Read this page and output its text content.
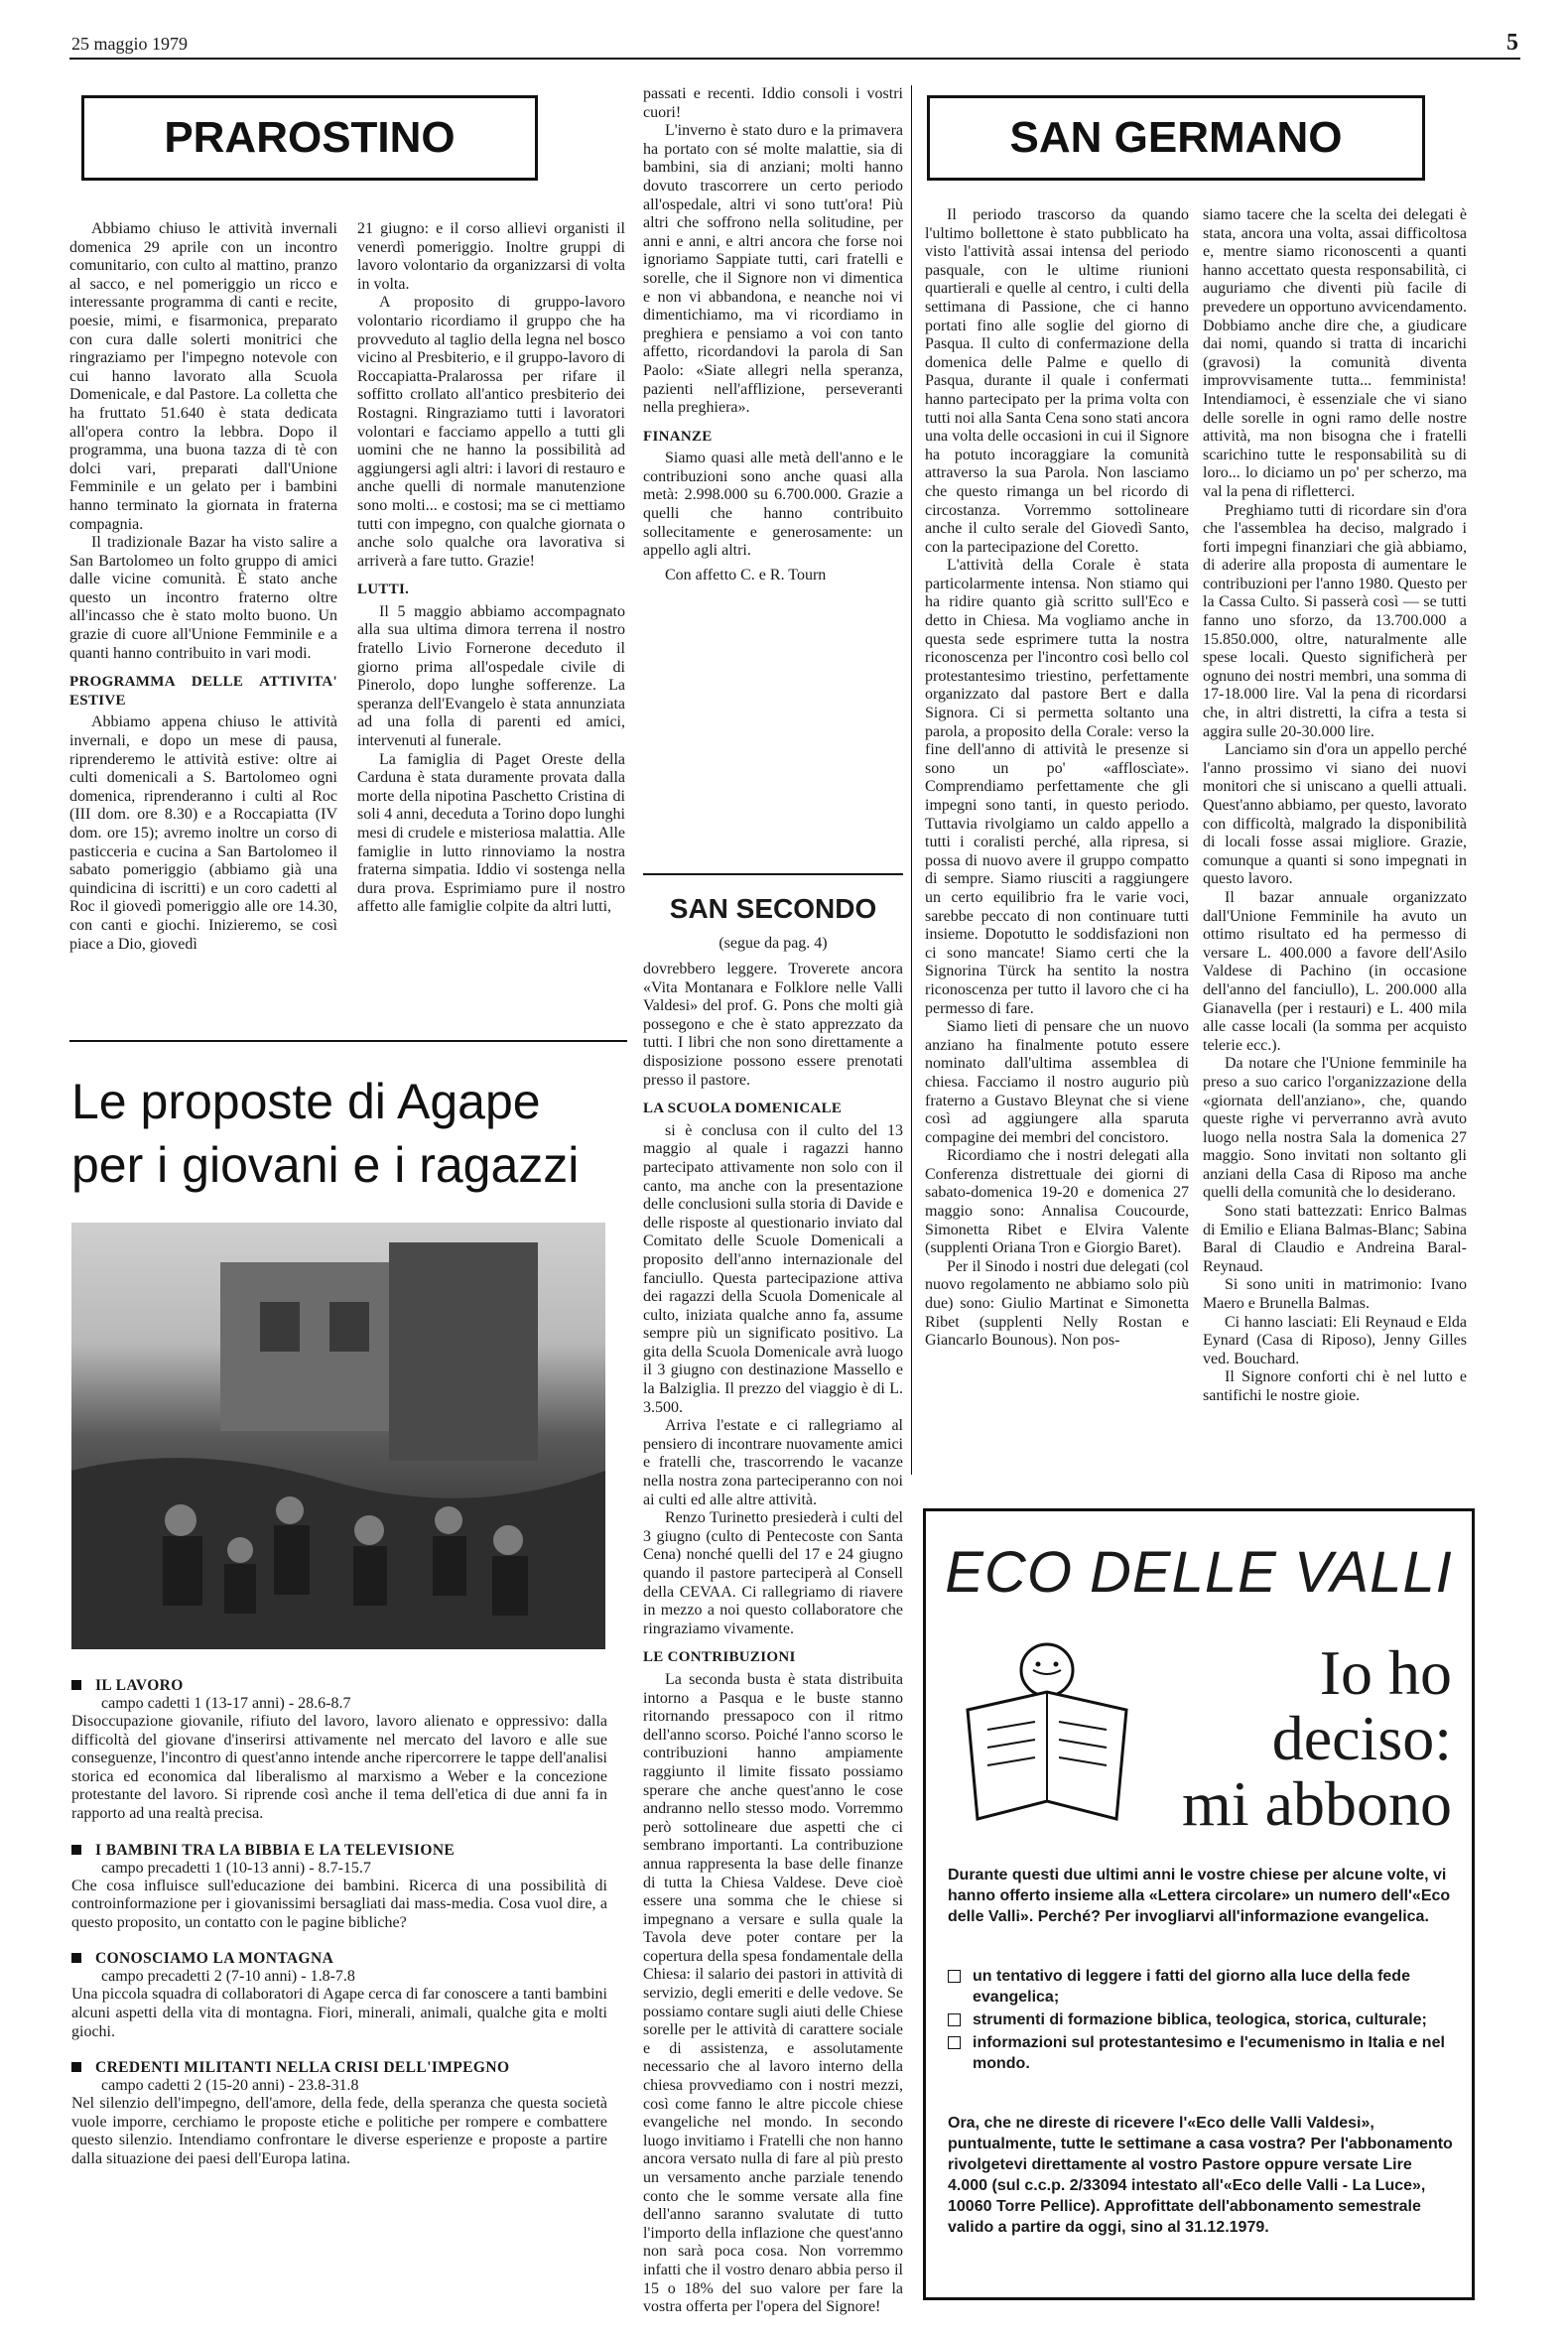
25 maggio 1979	5
PRAROSTINO

Abbiamo chiuso le attività invernali domenica 29 aprile con un incontro comunitario, con culto al mattino, pranzo al sacco, e nel pomeriggio un ricco e interessante programma di canti e recite, poesie, mimi, e fisarmonica, preparato con cura dalle solerti monitrici che ringraziamo per l'impegno notevole con cui hanno lavorato alla Scuola Domenicale, e dal Pastore. La colletta che ha fruttato 51.640 è stata dedicata all'opera contro la lebbra. Dopo il programma, una buona tazza di tè con dolci vari, preparati dall'Unione Femminile e un gelato per i bambini hanno terminato la giornata in fraterna compagnia.

Il tradizionale Bazar ha visto salire a San Bartolomeo un folto gruppo di amici dalle vicine comunità. È stato anche questo un incontro fraterno oltre all'incasso che è stato molto buono. Un grazie di cuore all'Unione Femminile e a quanti hanno contribuito in vari modi.

PROGRAMMA DELLE ATTIVITA' ESTIVE

Abbiamo appena chiuso le attività invernali, e dopo un mese di pausa, riprenderemo le attività estive: oltre ai culti domenicali a S. Bartolomeo ogni domenica, riprenderanno i culti al Roc (III dom. ore 8.30) e a Roccapiatta (IV dom. ore 15); avremo inoltre un corso di pasticceria e cucina a San Bartolomeo il sabato pomeriggio (abbiamo già una quindicina di iscritti) e un coro cadetti al Roc il giovedì pomeriggio alle ore 14.30, con canti e giochi. Inizieremo, se così piace a Dio, giovedì

21 giugno: e il corso allievi organisti il venerdì pomeriggio. Inoltre gruppi di lavoro volontario da organizzarsi di volta in volta.

A proposito di gruppo-lavoro volontario ricordiamo il gruppo che ha provveduto al taglio della legna nel bosco vicino al Presbiterio, e il gruppo-lavoro di Roccapiatta-Pralarossa per rifare il soffitto crollato all'antico presbiterio dei Rostagni. Ringraziamo tutti i lavoratori volontari e facciamo appello a tutti gli uomini che ne hanno la possibilità ad aggiungersi agli altri: i lavori di restauro e anche quelli di normale manutenzione sono molti... e costosi; ma se ci mettiamo tutti con impegno, con qualche giornata o anche solo qualche ora lavorativa si arriverà a fare tutto. Grazie!

LUTTI.

Il 5 maggio abbiamo accompagnato alla sua ultima dimora terrena il nostro fratello Livio Fornerone deceduto il giorno prima all'ospedale civile di Pinerolo, dopo lunghe sofferenze. La speranza dell'Evangelo è stata annunziata ad una folla di parenti ed amici, intervenuti al funerale.

La famiglia di Paget Oreste della Carduna è stata duramente provata dalla morte della nipotina Paschetto Cristina di soli 4 anni, deceduta a Torino dopo lunghi mesi di crudele e misteriosa malattia. Alle famiglie in lutto rinnoviamo la nostra fraterna simpatia. Iddio vi sostenga nella dura prova. Esprimiamo pure il nostro affetto alle famiglie colpite da altri lutti,

passati e recenti. Iddio consoli i vostri cuori!

L'inverno è stato duro e la primavera ha portato con sé molte malattie, sia di bambini, sia di anziani; molti hanno dovuto trascorrere un certo periodo all'ospedale, altri vi sono tutt'ora! Più altri che soffrono nella solitudine, per anni e anni, e altri ancora che forse noi ignoriamo Sappiate tutti, cari fratelli e sorelle, che il Signore non vi dimentica e non vi abbandona, e neanche noi vi dimentichiamo, ma vi ricordiamo in preghiera e pensiamo a voi con tanto affetto, ricordandovi la parola di San Paolo: «Siate allegri nella speranza, pazienti nell'afflizione, perseveranti nella preghiera».

FINANZE

Siamo quasi alle metà dell'anno e le contribuzioni sono anche quasi alla metà: 2.998.000 su 6.700.000. Grazie a quelli che hanno contribuito sollecitamente e generosamente: un appello agli altri.

Con affetto C. e R. Tourn

SAN SECONDO
(segue da pag. 4)

dovrebbero leggere. Troverete ancora «Vita Montanara e Folklore nelle Valli Valdesi» del prof. G. Pons che molti già possegono e che è stato apprezzato da tutti. I libri che non sono direttamente a disposizione possono essere prenotati presso il pastore.

LA SCUOLA DOMENICALE

si è conclusa con il culto del 13 maggio al quale i ragazzi hanno partecipato attivamente non solo con il canto, ma anche con la presentazione delle conclusioni sulla storia di Davide e delle risposte al questionario inviato dal Comitato delle Scuole Domenicali a proposito dell'anno internazionale del fanciullo. Questa partecipazione attiva dei ragazzi della Scuola Domenicale al culto, iniziata qualche anno fa, assume sempre più un significato positivo. La gita della Scuola Domenicale avrà luogo il 3 giugno con destinazione Massello e la Balziglia. Il prezzo del viaggio è di L. 3.500.

Arriva l'estate e ci rallegriamo al pensiero di incontrare nuovamente amici e fratelli che, trascorrendo le vacanze nella nostra zona parteciperanno con noi ai culti ed alle altre attività.

Renzo Turinetto presiederà i culti del 3 giugno (culto di Pentecoste con Santa Cena) nonché quelli del 17 e 24 giugno quando il pastore parteciperà al Consell della CEVAA. Ci rallegriamo di riavere in mezzo a noi questo collaboratore che ringraziamo vivamente.

LE CONTRIBUZIONI

La seconda busta è stata distribuita intorno a Pasqua e le buste stanno ritornando pressapoco con il ritmo dell'anno scorso. Poiché l'anno scorso le contribuzioni hanno ampiamente raggiunto il limite fissato possiamo sperare che anche quest'anno le cose andranno nello stesso modo. Vorremmo però sottolineare due aspetti che ci sembrano importanti. La contribuzione annua rappresenta la base delle finanze di tutta la Chiesa Valdese. Deve cioè essere una somma che le chiese si impegnano a versare e sulla quale la Tavola deve poter contare per la copertura della spesa fondamentale della Chiesa: il salario dei pastori in attività di servizio, degli emeriti e delle vedove. Se possiamo contare sugli aiuti delle Chiese sorelle per le attività di carattere sociale e di assistenza, e assolutamente necessario che al lavoro interno della chiesa provvediamo con i nostri mezzi, così come fanno le altre piccole chiese evangeliche nel mondo. In secondo luogo invitiamo i Fratelli che non hanno ancora versato nulla di fare al più presto un versamento anche parziale tenendo conto che le somme versate alla fine dell'anno saranno svalutate di tutto l'importo della inflazione che quest'anno non sarà poca cosa. Non vorremmo infatti che il vostro denaro abbia perso il 15 o 18% del suo valore per fare la vostra offerta per l'opera del Signore!

SAN GERMANO

Il periodo trascorso da quando l'ultimo bollettone è stato pubblicato ha visto l'attività assai intensa del periodo pasquale, con le ultime riunioni quartierali e quelle al centro, i culti della settimana di Passione, che ci hanno portati fino alle soglie del giorno di Pasqua. Il culto di confermazione della domenica delle Palme e quello di Pasqua, durante il quale i confermati hanno partecipato per la prima volta con tutti noi alla Santa Cena sono stati ancora una volta delle occasioni in cui il Signore ha potuto incoraggiare la comunità attraverso la sua Parola. Non lasciamo che questo rimanga un bel ricordo di circostanza. Vorremmo sottolineare anche il culto serale del Giovedì Santo, con la partecipazione del Coretto.

L'attività della Corale è stata particolarmente intensa. Non stiamo qui ha ridire quanto già scritto sull'Eco e detto in Chiesa. Ma vogliamo anche in questa sede esprimere tutta la nostra riconoscenza per l'incontro così bello col protestantesimo triestino, perfettamente organizzato dal pastore Bert e dalla Signora. Ci si permetta soltanto una parola, a proposito della Corale: verso la fine dell'anno di attività le presenze si sono un po' «affloscìate». Comprendiamo perfettamente che gli impegni sono tanti, in questo periodo. Tuttavia rivolgiamo un caldo appello a tutti i coralisti perché, alla ripresa, si possa di nuovo avere il gruppo compatto di sempre. Siamo riusciti a raggiungere un certo equilibrio fra le varie voci, sarebbe peccato di non continuare tutti insieme. Dopotutto le soddisfazioni non ci sono mancate! Siamo certi che la Signorina Türck ha sentito la nostra riconoscenza per tutto il lavoro che ci ha permesso di fare.

Siamo lieti di pensare che un nuovo anziano ha finalmente potuto essere nominato dall'ultima assemblea di chiesa. Facciamo il nostro augurio più fraterno a Gustavo Bleynat che si viene così ad aggiungere alla sparuta compagine dei membri del concistoro.

Ricordiamo che i nostri delegati alla Conferenza distrettuale dei giorni di sabato-domenica 19-20 e domenica 27 maggio sono: Annalisa Coucourde, Simonetta Ribet e Elvira Valente (supplenti Oriana Tron e Giorgio Baret).

Per il Sinodo i nostri due delegati (col nuovo regolamento ne abbiamo solo più due) sono: Giulio Martinat e Simonetta Ribet (supplenti Nelly Rostan e Giancarlo Bounous). Non pos-

siamo tacere che la scelta dei delegati è stata, ancora una volta, assai difficoltosa e, mentre siamo riconoscenti a quanti hanno accettato questa responsabilità, ci auguriamo che diventi più facile di prevedere un opportuno avvicendamento. Dobbiamo anche dire che, a giudicare dai nomi, quando si tratta di incarichi (gravosi) la comunità diventa improvvisamente tutta... femminista! Intendiamoci, è essenziale che vi siano delle sorelle in ogni ramo delle nostre attività, ma non bisogna che i fratelli scarichino tutte le responsabilità su di loro... lo diciamo un po' per scherzo, ma val la pena di rifletterci.

Preghiamo tutti di ricordare sin d'ora che l'assemblea ha deciso, malgrado i forti impegni finanziari che già abbiamo, di aderire alla proposta di aumentare le contribuzioni per l'anno 1980. Questo per la Cassa Culto. Si passerà così — se tutti fanno uno sforzo, da 13.700.000 a 15.850.000, oltre, naturalmente alle spese locali. Questo significherà per ognuno dei nostri membri, una somma di 17-18.000 lire. Val la pena di ricordarsi che, in altri distretti, la cifra a testa si aggira sulle 20-30.000 lire.

Lanciamo sin d'ora un appello perché l'anno prossimo vi siano dei nuovi monitori che si uniscano a quelli attuali. Quest'anno abbiamo, per questo, lavorato con difficoltà, malgrado la disponibilità di locali fosse assai migliore. Grazie, comunque a quanti si sono impegnati in questo lavoro.

Il bazar annuale organizzato dall'Unione Femminile ha avuto un ottimo risultato ed ha permesso di versare L. 400.000 a favore dell'Asilo Valdese di Pachino (in occasione dell'anno del fanciullo), L. 200.000 alla Gianavella (per i restauri) e L. 400 mila alle casse locali (la somma per acquisto telerie ecc.).

Da notare che l'Unione femminile ha preso a suo carico l'organizzazione della «giornata dell'anziano», che, quando queste righe vi perverranno avrà avuto luogo nella nostra Sala la domenica 27 maggio. Sono invitati non soltanto gli anziani della Casa di Riposo ma anche quelli della comunità che lo desiderano.

Sono stati battezzati: Enrico Balmas di Emilio e Eliana Balmas-Blanc; Sabina Baral di Claudio e Andreina Baral-Reynaud.

Si sono uniti in matrimonio: Ivano Maero e Brunella Balmas.

Ci hanno lasciati: Eli Reynaud e Elda Eynard (Casa di Riposo), Jenny Gilles ved. Bouchard.

Il Signore conforti chi è nel lutto e santifichi le nostre gioie.

Le proposte di Agape
per i giovani e i ragazzi
IL LAVORO
campo cadetti 1 (13-17 anni) - 28.6-8.7
Disoccupazione giovanile, rifiuto del lavoro, lavoro alienato e oppressivo: dalla difficoltà del giovane d'inserirsi attivamente nel mercato del lavoro e alle sue conseguenze, l'incontro di quest'anno intende anche ripercorrere le tappe dell'analisi storica ed economica dal liberalismo al marxismo a Weber e la concezione protestante del lavoro. Si riprende così anche il tema dell'etica di due anni fa in rapporto ad una realtà precisa.
I BAMBINI TRA LA BIBBIA E LA TELEVISIONE
campo precadetti 1 (10-13 anni) - 8.7-15.7
Che cosa influisce sull'educazione dei bambini. Ricerca di una possibilità di controinformazione per i giovanissimi bersagliati dai mass-media. Cosa vuol dire, a questo proposito, un contatto con le pagine bibliche?
CONOSCIAMO LA MONTAGNA
campo precadetti 2 (7-10 anni) - 1.8-7.8
Una piccola squadra di collaboratori di Agape cerca di far conoscere a tanti bambini alcuni aspetti della vita di montagna. Fiori, minerali, animali, qualche gita e molti giochi.
CREDENTI MILITANTI NELLA CRISI DELL'IMPEGNO
campo cadetti 2 (15-20 anni) - 23.8-31.8
Nel silenzio dell'impegno, dell'amore, della fede, della speranza che questa società vuole imporre, cerchiamo le proposte etiche e politiche per rompere e combattere questo silenzio. Intendiamo confrontare le diverse esperienze e proposte a partire dalla situazione dei paesi dell'Europa latina.
ECO DELLE VALLI
Io ho
deciso:
mi abbono
Durante questi due ultimi anni le vostre chiese per alcune volte, vi hanno offerto insieme alla «Lettera circolare» un numero dell'«Eco delle Valli». Perché? Per invogliarvi all'informazione evangelica.
un tentativo di leggere i fatti del giorno alla luce della fede evangelica;
strumenti di formazione biblica, teologica, storica, culturale;
informazioni sul protestantesimo e l'ecumenismo in Italia e nel mondo.
Ora, che ne direste di ricevere l'«Eco delle Valli Valdesi», puntualmente, tutte le settimane a casa vostra? Per l'abbonamento rivolgetevi direttamente al vostro Pastore oppure versate Lire 4.000 (sul c.c.p. 2/33094 intestato all'«Eco delle Valli - La Luce», 10060 Torre Pellice). Approfittate dell'abbonamento semestrale valido a partire da oggi, sino al 31.12.1979.
